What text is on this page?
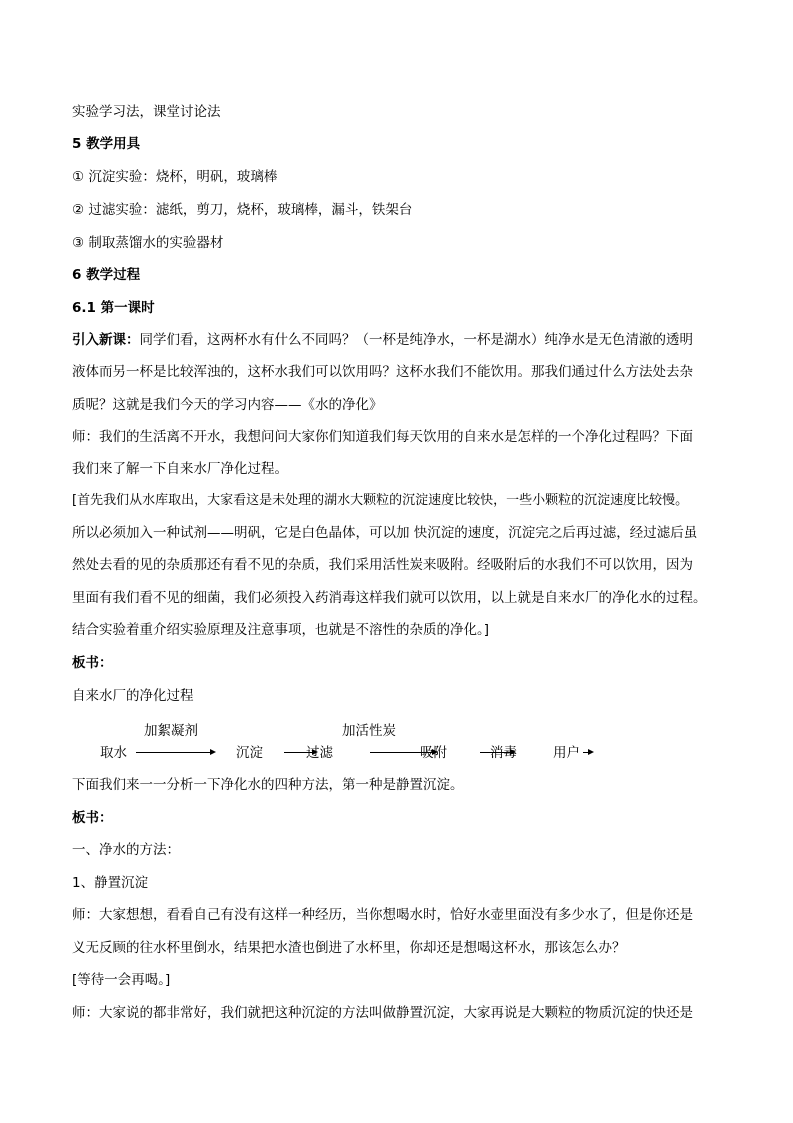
实验学习法，课堂讨论法
5 教学用具
① 沉淀实验：烧杯，明矾，玻璃棒
② 过滤实验：滤纸，剪刀，烧杯，玻璃棒，漏斗，铁架台
③ 制取蒸馏水的实验器材
6 教学过程
6.1 第一课时
引入新课：同学们看，这两杯水有什么不同吗？（一杯是纯净水，一杯是湖水）纯净水是无色清澈的透明
液体而另一杯是比较浑浊的，这杯水我们可以饮用吗？这杯水我们不能饮用。那我们通过什么方法处去杂
质呢？这就是我们今天的学习内容——《水的净化》
师：我们的生活离不开水，我想问问大家你们知道我们每天饮用的自来水是怎样的一个净化过程吗？下面
我们来了解一下自来水厂净化过程。
[首先我们从水库取出，大家看这是未处理的湖水大颗粒的沉淀速度比较快，一些小颗粒的沉淀速度比较慢。
所以必须加入一种试剂——明矾，它是白色晶体，可以加 快沉淀的速度，沉淀完之后再过滤，经过滤后虽
然处去看的见的杂质那还有看不见的杂质，我们采用活性炭来吸附。经吸附后的水我们不可以饮用，因为
里面有我们看不见的细菌，我们必须投入药消毒这样我们就可以饮用，以上就是自来水厂的净化水的过程。
结合实验着重介绍实验原理及注意事项，也就是不溶性的杂质的净化。]
板书：
自来水厂的净化过程
加絮凝剂	加活性炭
取水	沉淀	过滤	吸附	消毒	用户
下面我们来一一分析一下净化水的四种方法，第一种是静置沉淀。
板书：
一、净水的方法：
1、静置沉淀
师：大家想想，看看自己有没有这样一种经历，当你想喝水时，恰好水壶里面没有多少水了，但是你还是
义无反顾的往水杯里倒水，结果把水渣也倒进了水杯里，你却还是想喝这杯水，那该怎么办？
[等待一会再喝。]
师：大家说的都非常好，我们就把这种沉淀的方法叫做静置沉淀，大家再说是大颗粒的物质沉淀的快还是
